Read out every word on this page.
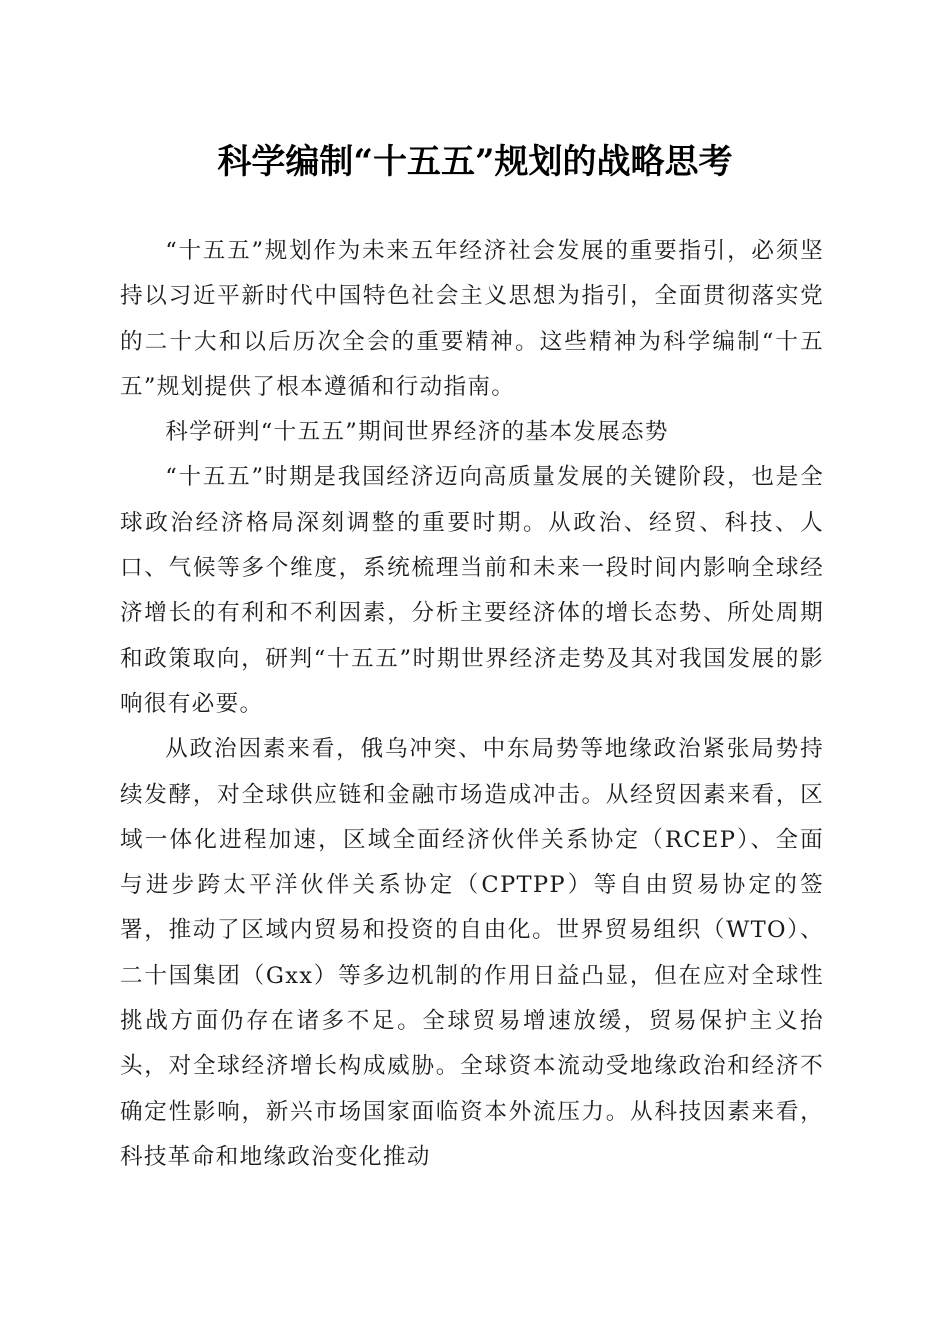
科学编制“十五五”规划的战略思考

“十五五”规划作为未来五年经济社会发展的重要指引，必须坚持以习近平新时代中国特色社会主义思想为指引，全面贯彻落实党的二十大和以后历次全会的重要精神。这些精神为科学编制“十五五”规划提供了根本遵循和行动指南。

科学研判“十五五”期间世界经济的基本发展态势

“十五五”时期是我国经济迈向高质量发展的关键阶段，也是全球政治经济格局深刻调整的重要时期。从政治、经贸、科技、人口、气候等多个维度，系统梳理当前和未来一段时间内影响全球经济增长的有利和不利因素，分析主要经济体的增长态势、所处周期和政策取向，研判“十五五”时期世界经济走势及其对我国发展的影响很有必要。

从政治因素来看，俄乌冲突、中东局势等地缘政治紧张局势持续发酵，对全球供应链和金融市场造成冲击。从经贸因素来看，区域一体化进程加速，区域全面经济伙伴关系协定（RCEP）、全面与进步跨太平洋伙伴关系协定（CPTPP）等自由贸易协定的签署，推动了区域内贸易和投资的自由化。世界贸易组织（WTO）、二十国集团（Gxx）等多边机制的作用日益凸显，但在应对全球性挑战方面仍存在诸多不足。全球贸易增速放缓，贸易保护主义抬头，对全球经济增长构成威胁。全球资本流动受地缘政治和经济不确定性影响，新兴市场国家面临资本外流压力。从科技因素来看，科技革命和地缘政治变化推动
